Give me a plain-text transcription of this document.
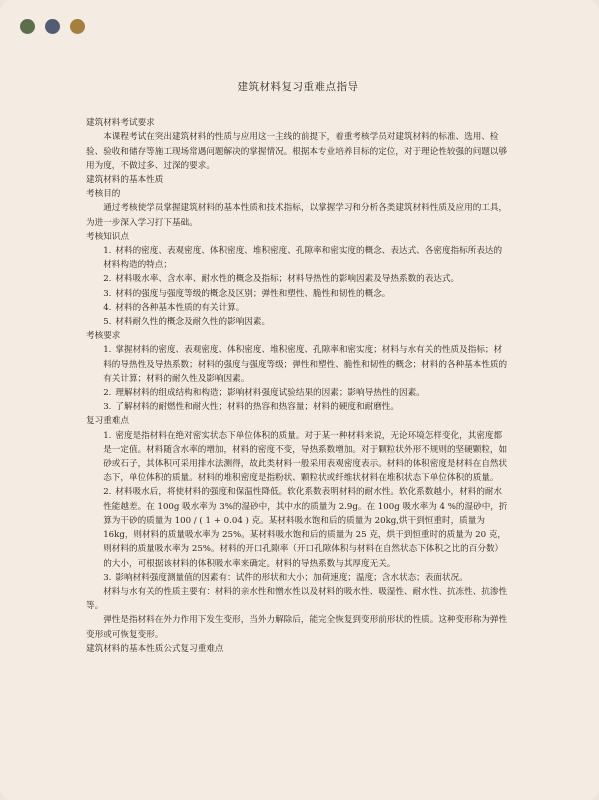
建筑材料复习重难点指导

建筑材料考试要求

本课程考试在突出建筑材料的性质与应用这一主线的前提下，着重考核学员对建筑材料的标准、选用、检验、验收和储存等施工现场常遇问题解决的掌握情况。根据本专业培养目标的定位，对于理论性较强的问题以够用为度，不做过多、过深的要求。

建筑材料的基本性质

考核目的

通过考核使学员掌握建筑材料的基本性质和技术指标，以掌握学习和分析各类建筑材料性质及应用的工具，为进一步深入学习打下基础。

考核知识点

1. 材料的密度、表观密度、体积密度、堆积密度、孔隙率和密实度的概念、表达式、各密度指标所表达的材料构造的特点；

2. 材料吸水率、含水率、耐水性的概念及指标；材料导热性的影响因素及导热系数的表达式。

3. 材料的强度与强度等级的概念及区别；弹性和塑性、脆性和韧性的概念。

4. 材料的各种基本性质的有关计算。

5. 材料耐久性的概念及耐久性的影响因素。

考核要求

1. 掌握材料的密度、表观密度、体积密度、堆积密度、孔隙率和密实度；材料与水有关的性质及指标；材料的导热性及导热系数；材料的强度与强度等级；弹性和塑性、脆性和韧性的概念；材料的各种基本性质的有关计算；材料的耐久性及影响因素。

2. 理解材料的组成结构和构造；影响材料强度试验结果的因素；影响导热性的因素。

3. 了解材料的耐燃性和耐火性；材料的热容和热容量；材料的硬度和耐磨性。

复习重难点

1. 密度是指材料在绝对密实状态下单位体积的质量。对于某一种材料来说，无论环境怎样变化，其密度都是一定值。材料随含水率的增加，材料的密度不变，导热系数增加。对于颗粒状外形不规则的坚硬颗粒，如砂或石子，其体积可采用排水法测得，故此类材料一般采用表观密度表示。材料的体积密度是材料在自然状态下，单位体积的质量。材料的堆积密度是指粉状、颗粒状或纤维状材料在堆积状态下单位体积的质量。

2. 材料吸水后，将使材料的强度和保温性降低。软化系数表明材料的耐水性。软化系数越小，材料的耐水性能越差。在 100g 吸水率为 3%的湿砂中，其中水的质量为 2.9g。在 100g 吸水率为 4 %的湿砂中，折算为干砂的质量为 100 / ( 1 + 0.04 ) 克。某材料吸水饱和后的质量为 20kg,烘干到恒重时，质量为 16kg，则材料的质量吸水率为 25%。某材料吸水饱和后的质量为 25 克，烘干到恒重时的质量为 20 克，则材料的质量吸水率为 25%。材料的开口孔隙率（开口孔隙体积与材料在自然状态下体积之比的百分数）的大小，可根据该材料的体积吸水率来确定。材料的导热系数与其厚度无关。

3. 影响材料强度测量值的因素有：试件的形状和大小；加荷速度；温度；含水状态；表面状况。

材料与水有关的性质主要有：材料的亲水性和憎水性以及材料的吸水性、吸湿性、耐水性、抗冻性、抗渗性等。

弹性是指材料在外力作用下发生变形，当外力解除后，能完全恢复到变形前形状的性质。这种变形称为弹性变形或可恢复变形。

建筑材料的基本性质公式复习重难点
